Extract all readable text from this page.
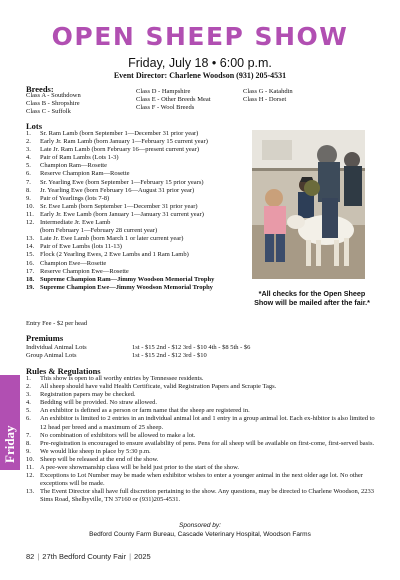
OPEN SHEEP SHOW
Friday, July 18 • 6:00 p.m.
Event Director: Charlene Woodson (931) 205-4531
Breeds:
Class A - Southdown
Class B - Shropshire
Class C - Suffolk
Class D - Hampshire
Class E - Other Breeds Meat
Class F - Wool Breeds
Class G - Katahdin
Class H - Dorset
Lots
1.	Sr. Ram Lamb (born September 1—December 31 prior year)
2.	Early Jr. Ram Lamb (born January 1—February 15 current year)
3.	Late Jr. Ram Lamb (born February 16—present current year)
4.	Pair of Ram Lambs (Lots 1-3)
5.	Champion Ram—Rosette
6.	Reserve Champion Ram—Rosette
7.	Sr. Yearling Ewe (born September 1—February 15 prior years)
8.	Jr. Yearling Ewe (born February 16—August 31 prior year)
9.	Pair of Yearlings (lots 7-8)
10. Sr. Ewe Lamb (born September 1—December 31 prior year)
11. Early Jr. Ewe Lamb (born January 1—January 31 current year)
12. Intermediate Jr. Ewe Lamb
(born February 1—February 28 current year)
13. Late Jr. Ewe Lamb (born March 1 or later current year)
14. Pair of Ewe Lambs (lots 11-13)
15. Flock (2 Yearling Ewes, 2 Ewe Lambs and 1 Ram Lamb)
16. Champion Ewe—Rosette
17. Reserve Champion Ewe—Rosette
18. Supreme Champion Ram—Jimmy Woodson Memorial Trophy
19. Supreme Champion Ewe—Jimmy Woodson Memorial Trophy
Entry Fee - $2 per head
*All checks for the Open Sheep Show will be mailed after the fair.*
Premiums
Individual Animal Lots	1st - $15 2nd - $12 3rd - $10 4th - $8 5th - $6
Group Animal Lots	1st - $15 2nd - $12 3rd - $10
Rules & Regulations
1.	This show is open to all worthy entries by Tennessee residents.
2.	All sheep should have valid Health Certificate, valid Registration Papers and Scrapie Tags.
3.	Registration papers may be checked.
4.	Bedding will be provided. No straw allowed.
5.	An exhibitor is defined as a person or farm name that the sheep are registered in.
6.	An exhibitor is limited to 2 entries in an individual animal lot and 1 entry in a group animal lot. Each ex-hibitor is also limited to 12 head per breed and a maximum of 25 sheep.
7.	No combination of exhibitors will be allowed to make a lot.
8.	Pre-registration is encouraged to ensure availability of pens. Pens for all sheep will be available on first-come, first-served basis.
9.	We would like sheep in place by 5:30 p.m.
10. Sheep will be released at the end of the show.
11. A pee-wee showmanship class will be held just prior to the start of the show.
12. Exceptions to Lot Number may be made when exhibitor wishes to enter a younger animal in the next older age lot. No other exceptions will be made.
13. The Event Director shall have full discretion pertaining to the show. Any questions, may be directed to Charlene Woodson, 2233 Sims Road, Shelbyville, TN 37160 or (931)205-4531.
Sponsored by:
Bedford County Farm Bureau, Cascade Veterinary Hospital, Woodson Farms
Friday
82 | 27th Bedford County Fair | 2025
